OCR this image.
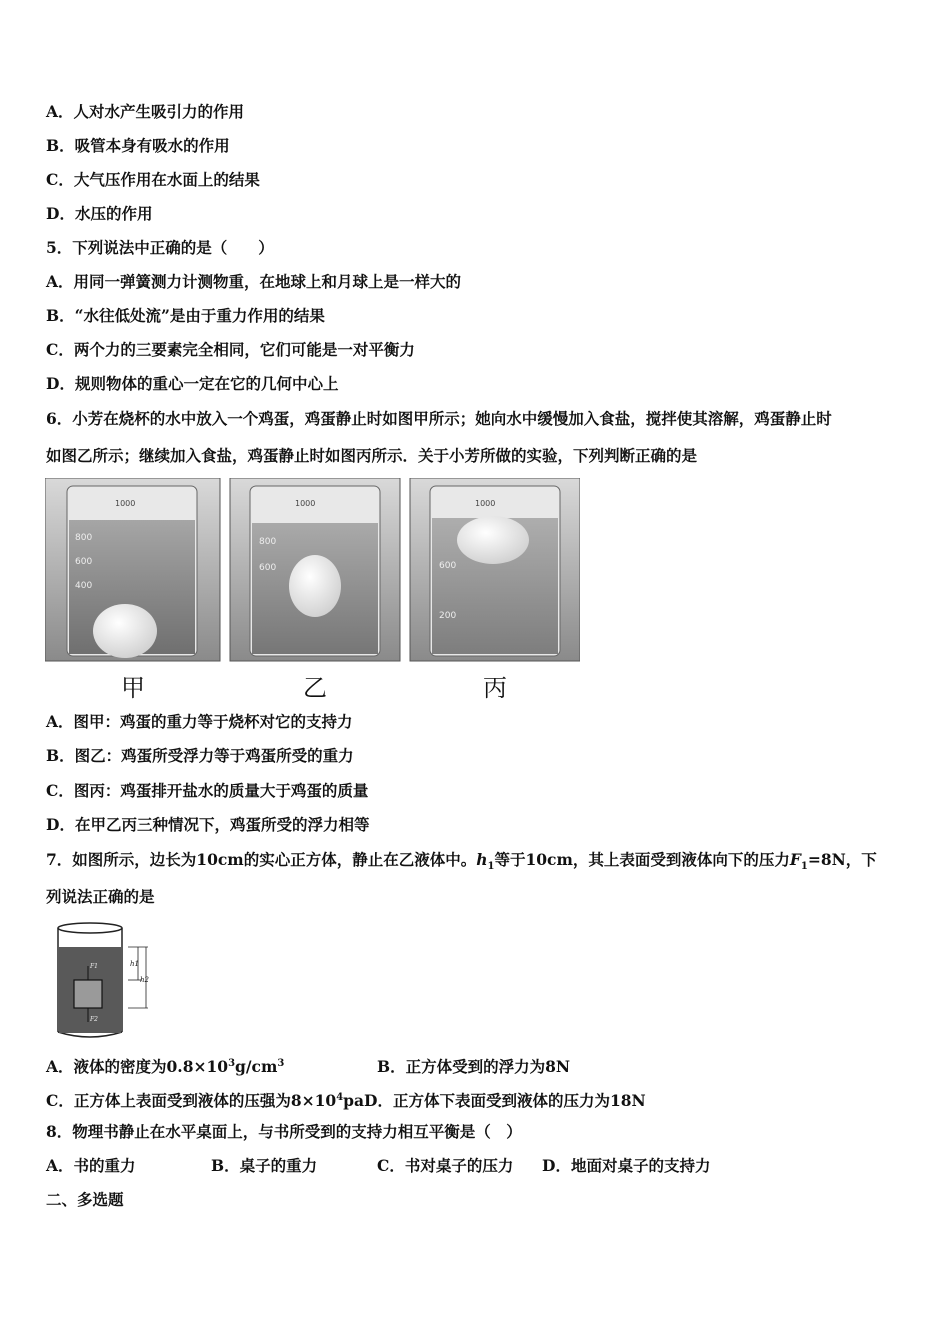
A．人对水产生吸引力的作用
B．吸管本身有吸水的作用
C．大气压作用在水面上的结果
D．水压的作用
5．下列说法中正确的是（　　）
A．用同一弹簧测力计测物重，在地球上和月球上是一样大的
B．“水往低处流”是由于重力作用的结果
C．两个力的三要素完全相同，它们可能是一对平衡力
D．规则物体的重心一定在它的几何中心上
6．小芳在烧杯的水中放入一个鸡蛋，鸡蛋静止时如图甲所示；她向水中缓慢加入食盐，搅拌使其溶解，鸡蛋静止时
如图乙所示；继续加入食盐，鸡蛋静止时如图丙所示．关于小芳所做的实验，下列判断正确的是
1000
800
600
400
1000
800
600
1000
600
200
甲	乙	丙
A．图甲：鸡蛋的重力等于烧杯对它的支持力
B．图乙：鸡蛋所受浮力等于鸡蛋所受的重力
C．图丙：鸡蛋排开盐水的质量大于鸡蛋的质量
D．在甲乙丙三种情况下，鸡蛋所受的浮力相等
7．如图所示，边长为10cm的实心正方体，静止在乙液体中。$h_1$等于10cm，其上表面受到液体向下的压力$F_1=8N$，下
列说法正确的是
h1
h2
F1
F2
A．液体的密度为$0.8\times 10^3g/cm^3$	B．正方体受到的浮力为8N
C．正方体上表面受到液体的压强为$8\times 10^4paD$．正方体下表面受到液体的压力为18N
8．物理书静止在水平桌面上，与书所受到的支持力相互平衡是（　）
A．书的重力	B．桌子的重力	C．书对桌子的压力 D．地面对桌子的支持力
二、多选题
